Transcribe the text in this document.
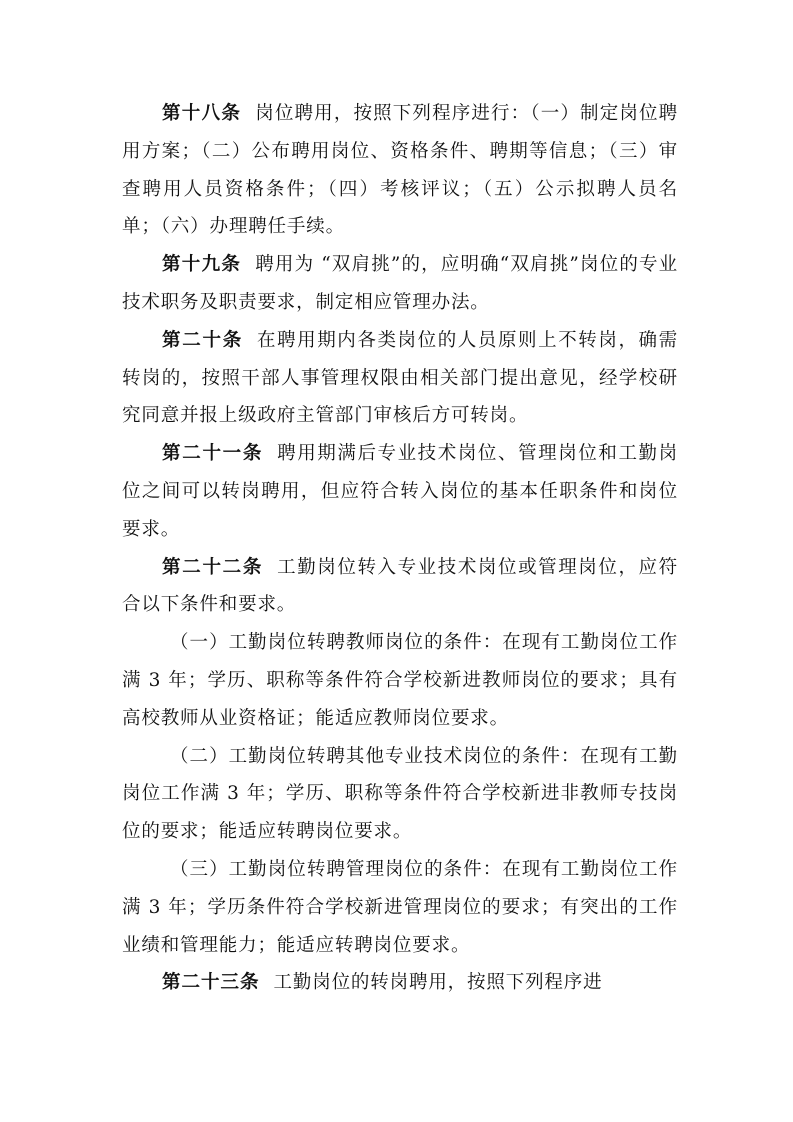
第十八条 岗位聘用，按照下列程序进行：（一）制定岗位聘用方案；（二）公布聘用岗位、资格条件、聘期等信息；（三）审查聘用人员资格条件；（四）考核评议；（五）公示拟聘人员名单；（六）办理聘任手续。

第十九条 聘用为 “双肩挑”的，应明确“双肩挑”岗位的专业技术职务及职责要求，制定相应管理办法。

第二十条 在聘用期内各类岗位的人员原则上不转岗，确需转岗的，按照干部人事管理权限由相关部门提出意见，经学校研究同意并报上级政府主管部门审核后方可转岗。

第二十一条 聘用期满后专业技术岗位、管理岗位和工勤岗位之间可以转岗聘用，但应符合转入岗位的基本任职条件和岗位要求。

第二十二条 工勤岗位转入专业技术岗位或管理岗位，应符合以下条件和要求。

（一）工勤岗位转聘教师岗位的条件：在现有工勤岗位工作满 3 年；学历、职称等条件符合学校新进教师岗位的要求；具有高校教师从业资格证；能适应教师岗位要求。

（二）工勤岗位转聘其他专业技术岗位的条件：在现有工勤岗位工作满 3 年；学历、职称等条件符合学校新进非教师专技岗位的要求；能适应转聘岗位要求。

（三）工勤岗位转聘管理岗位的条件：在现有工勤岗位工作满 3 年；学历条件符合学校新进管理岗位的要求；有突出的工作业绩和管理能力；能适应转聘岗位要求。

第二十三条 工勤岗位的转岗聘用，按照下列程序进
